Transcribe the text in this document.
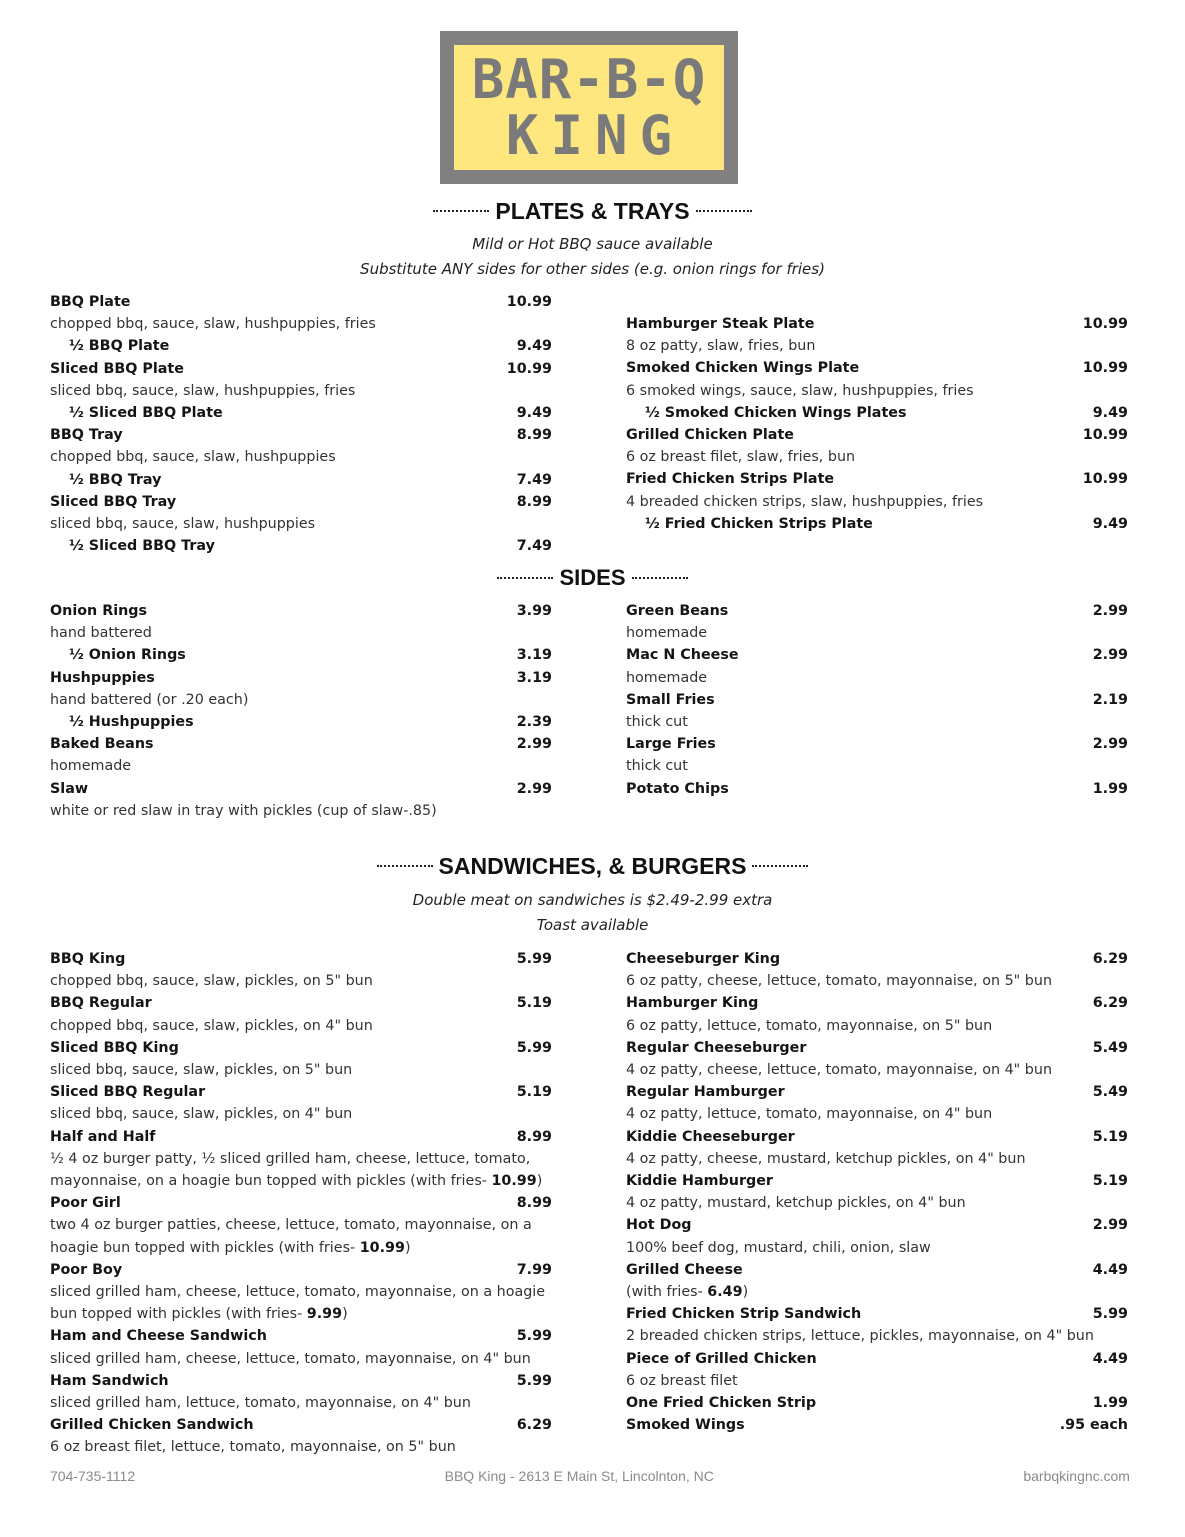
BAR-B-Q
KING
PLATES & TRAYS
Mild or Hot BBQ sauce available
Substitute ANY sides for other sides (e.g. onion rings for fries)
BBQ Plate	10.99
chopped bbq, sauce, slaw, hushpuppies, fries
½ BBQ Plate	9.49
Sliced BBQ Plate	10.99
sliced bbq, sauce, slaw, hushpuppies, fries
½ Sliced BBQ Plate	9.49
BBQ Tray	8.99
chopped bbq, sauce, slaw, hushpuppies
½ BBQ Tray	7.49
Sliced BBQ Tray	8.99
sliced bbq, sauce, slaw, hushpuppies
½ Sliced BBQ Tray	7.49
Hamburger Steak Plate	10.99
8 oz patty, slaw, fries, bun
Smoked Chicken Wings Plate	10.99
6 smoked wings, sauce, slaw, hushpuppies, fries
½ Smoked Chicken Wings Plates	9.49
Grilled Chicken Plate	10.99
6 oz breast filet, slaw, fries, bun
Fried Chicken Strips Plate	10.99
4 breaded chicken strips, slaw, hushpuppies, fries
½ Fried Chicken Strips Plate	9.49
SIDES
Onion Rings	3.99
hand battered
½ Onion Rings	3.19
Hushpuppies	3.19
hand battered (or .20 each)
½ Hushpuppies	2.39
Baked Beans	2.99
homemade
Slaw	2.99
white or red slaw in tray with pickles (cup of slaw-.85)
Green Beans	2.99
homemade
Mac N Cheese	2.99
homemade
Small Fries	2.19
thick cut
Large Fries	2.99
thick cut
Potato Chips	1.99
SANDWICHES, & BURGERS
Double meat on sandwiches is $2.49-2.99 extra
Toast available
BBQ King	5.99
chopped bbq, sauce, slaw, pickles, on 5" bun
BBQ Regular	5.19
chopped bbq, sauce, slaw, pickles, on 4" bun
Sliced BBQ King	5.99
sliced bbq, sauce, slaw, pickles, on 5" bun
Sliced BBQ Regular	5.19
sliced bbq, sauce, slaw, pickles, on 4" bun
Half and Half	8.99
½ 4 oz burger patty, ½ sliced grilled ham, cheese, lettuce, tomato, mayonnaise, on a hoagie bun topped with pickles (with fries- 10.99)
Poor Girl	8.99
two 4 oz burger patties, cheese, lettuce, tomato, mayonnaise, on a hoagie bun topped with pickles (with fries- 10.99)
Poor Boy	7.99
sliced grilled ham, cheese, lettuce, tomato, mayonnaise, on a hoagie bun topped with pickles (with fries- 9.99)
Ham and Cheese Sandwich	5.99
sliced grilled ham, cheese, lettuce, tomato, mayonnaise, on 4" bun
Ham Sandwich	5.99
sliced grilled ham, lettuce, tomato, mayonnaise, on 4" bun
Grilled Chicken Sandwich	6.29
6 oz breast filet, lettuce, tomato, mayonnaise, on 5" bun
Cheeseburger King	6.29
6 oz patty, cheese, lettuce, tomato, mayonnaise, on 5" bun
Hamburger King	6.29
6 oz patty, lettuce, tomato, mayonnaise, on 5" bun
Regular Cheeseburger	5.49
4 oz patty, cheese, lettuce, tomato, mayonnaise, on 4" bun
Regular Hamburger	5.49
4 oz patty, lettuce, tomato, mayonnaise, on 4" bun
Kiddie Cheeseburger	5.19
4 oz patty, cheese, mustard, ketchup pickles, on 4" bun
Kiddie Hamburger	5.19
4 oz patty, mustard, ketchup pickles, on 4" bun
Hot Dog	2.99
100% beef dog, mustard, chili, onion, slaw
Grilled Cheese	4.49
(with fries- 6.49)
Fried Chicken Strip Sandwich	5.99
2 breaded chicken strips, lettuce, pickles, mayonnaise, on 4" bun
Piece of Grilled Chicken	4.49
6 oz breast filet
One Fried Chicken Strip	1.99
Smoked Wings	.95 each
704-735-1112	BBQ King - 2613 E Main St, Lincolnton, NC	barbqkingnc.com
